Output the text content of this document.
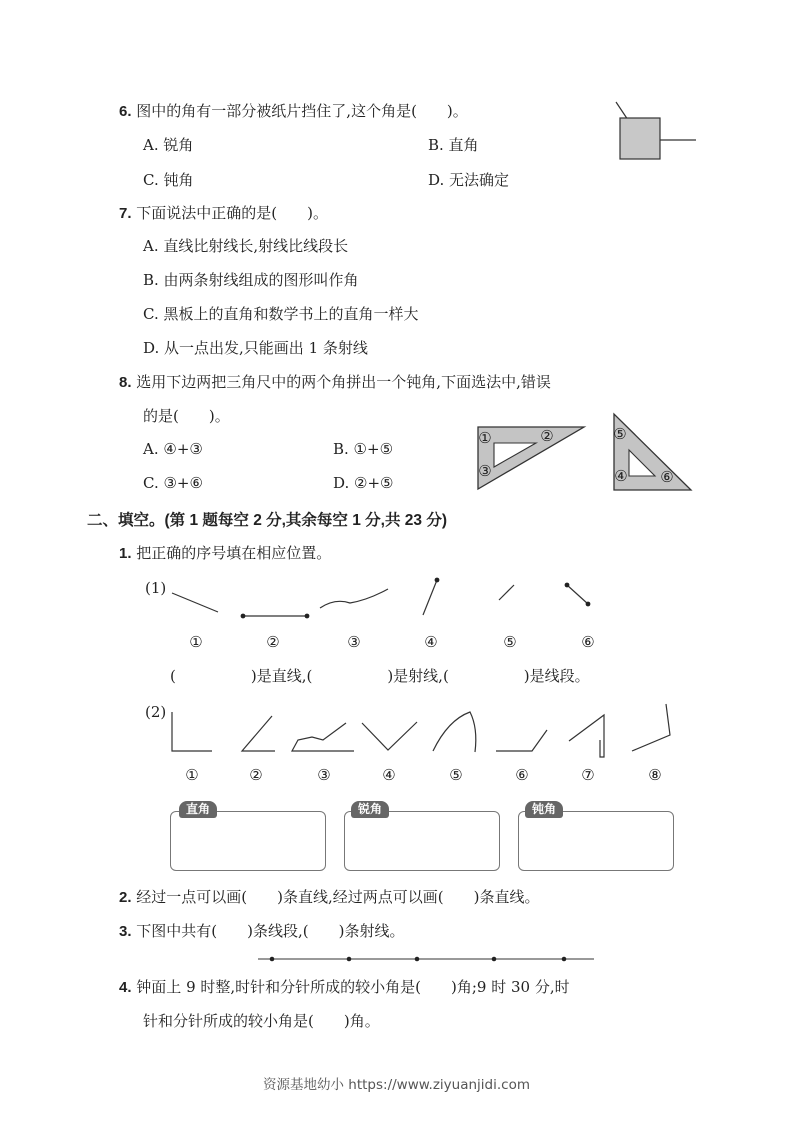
6. 图中的角有一部分被纸片挡住了,这个角是(　　)。
A. 锐角	B. 直角
C. 钝角	D. 无法确定
7. 下面说法中正确的是(　　)。
A. 直线比射线长,射线比线段长
B. 由两条射线组成的图形叫作角
C. 黑板上的直角和数学书上的直角一样大
D. 从一点出发,只能画出 1 条射线
8. 选用下边两把三角尺中的两个角拼出一个钝角,下面选法中,错误
的是(　　)。
A. ④+③	B. ①+⑤
C. ③+⑥	D. ②+⑤
①	②
③
⑤
④	⑥
二、填空。(第 1 题每空 2 分,其余每空 1 分,共 23 分)
1. 把正确的序号填在相应位置。
(1)
①	②	③	④	⑤	⑥
(　　　　　)是直线,(　　　　　)是射线,(　　　　　)是线段。
(2)
①	②	③	④	⑤	⑥	⑦	⑧
直角	锐角	钝角
2. 经过一点可以画(　　)条直线,经过两点可以画(　　)条直线。
3. 下图中共有(　　)条线段,(　　)条射线。
4. 钟面上 9 时整,时针和分针所成的较小角是(　　)角;9 时 30 分,时
针和分针所成的较小角是(　　)角。
资源基地幼小 https://www.ziyuanjidi.com
